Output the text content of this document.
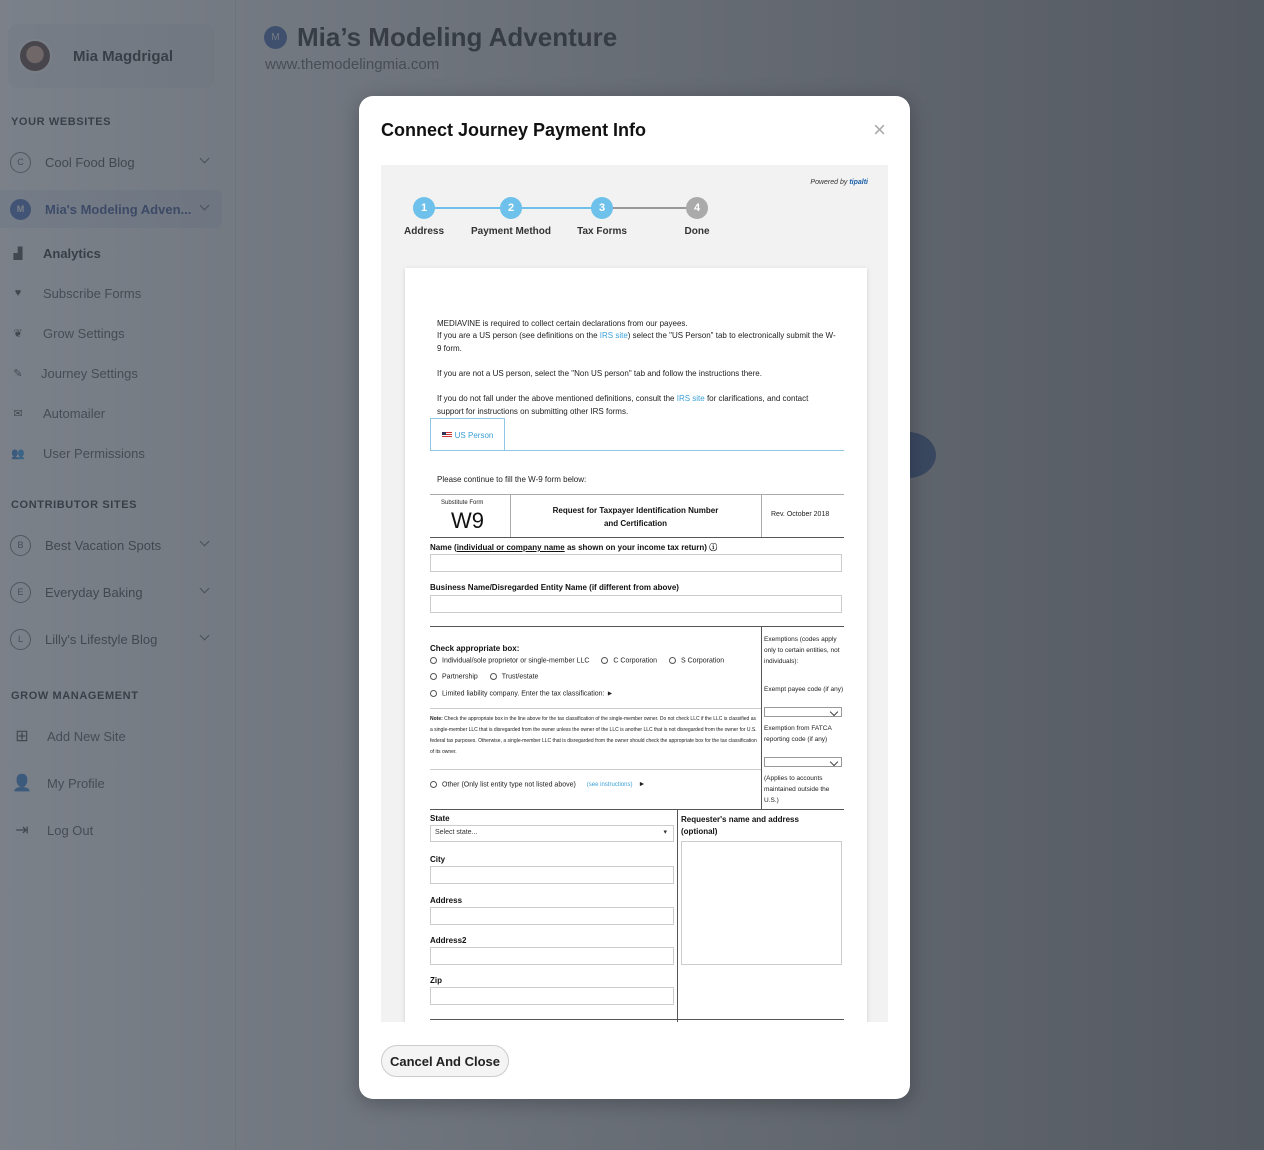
Connect Journey Payment Info	×
Powered by tipalti
1	2	3	4
Address	Payment Method	Tax Forms	Done
MEDIAVINE is required to collect certain declarations from our payees.
If you are a US person (see definitions on the IRS site) select the "US Person" tab to electronically submit the W-9 form.
If you are not a US person, select the "Non US person" tab and follow the instructions there.
If you do not fall under the above mentioned definitions, consult the IRS site for clarifications, and contact support for instructions on submitting other IRS forms.
US Person
Please continue to fill the W-9 form below:
Substitute Form
W9	Request for Taxpayer Identification Number
and Certification
Rev. October 2018
Name (individual or company name as shown on your income tax return) ⓘ
Business Name/Disregarded Entity Name (if different from above)
Check appropriate box:
Individual/sole proprietor or single-member LLC	C Corporation	S Corporation
Partnership	Trust/estate
Limited liability company. Enter the tax classification: ►
Note: Check the appropriate box in the line above for the tax classification of the single-member owner. Do not check LLC if the LLC is classified as a single-member LLC that is disregarded from the owner unless the owner of the LLC is another LLC that is not disregarded from the owner for U.S. federal tax purposes. Otherwise, a single-member LLC that is disregarded from the owner should check the appropriate box for the tax classification of its owner.
Other (Only list entity type not listed above) (see instructions) ►
Exemptions (codes apply only to certain entities, not individuals):
Exempt payee code (if any)
Exemption from FATCA reporting code (if any)
(Applies to accounts maintained outside the U.S.)
State
Select state...	▾
City
Address
Address2
Zip
Requester's name and address (optional)
Cancel And Close
